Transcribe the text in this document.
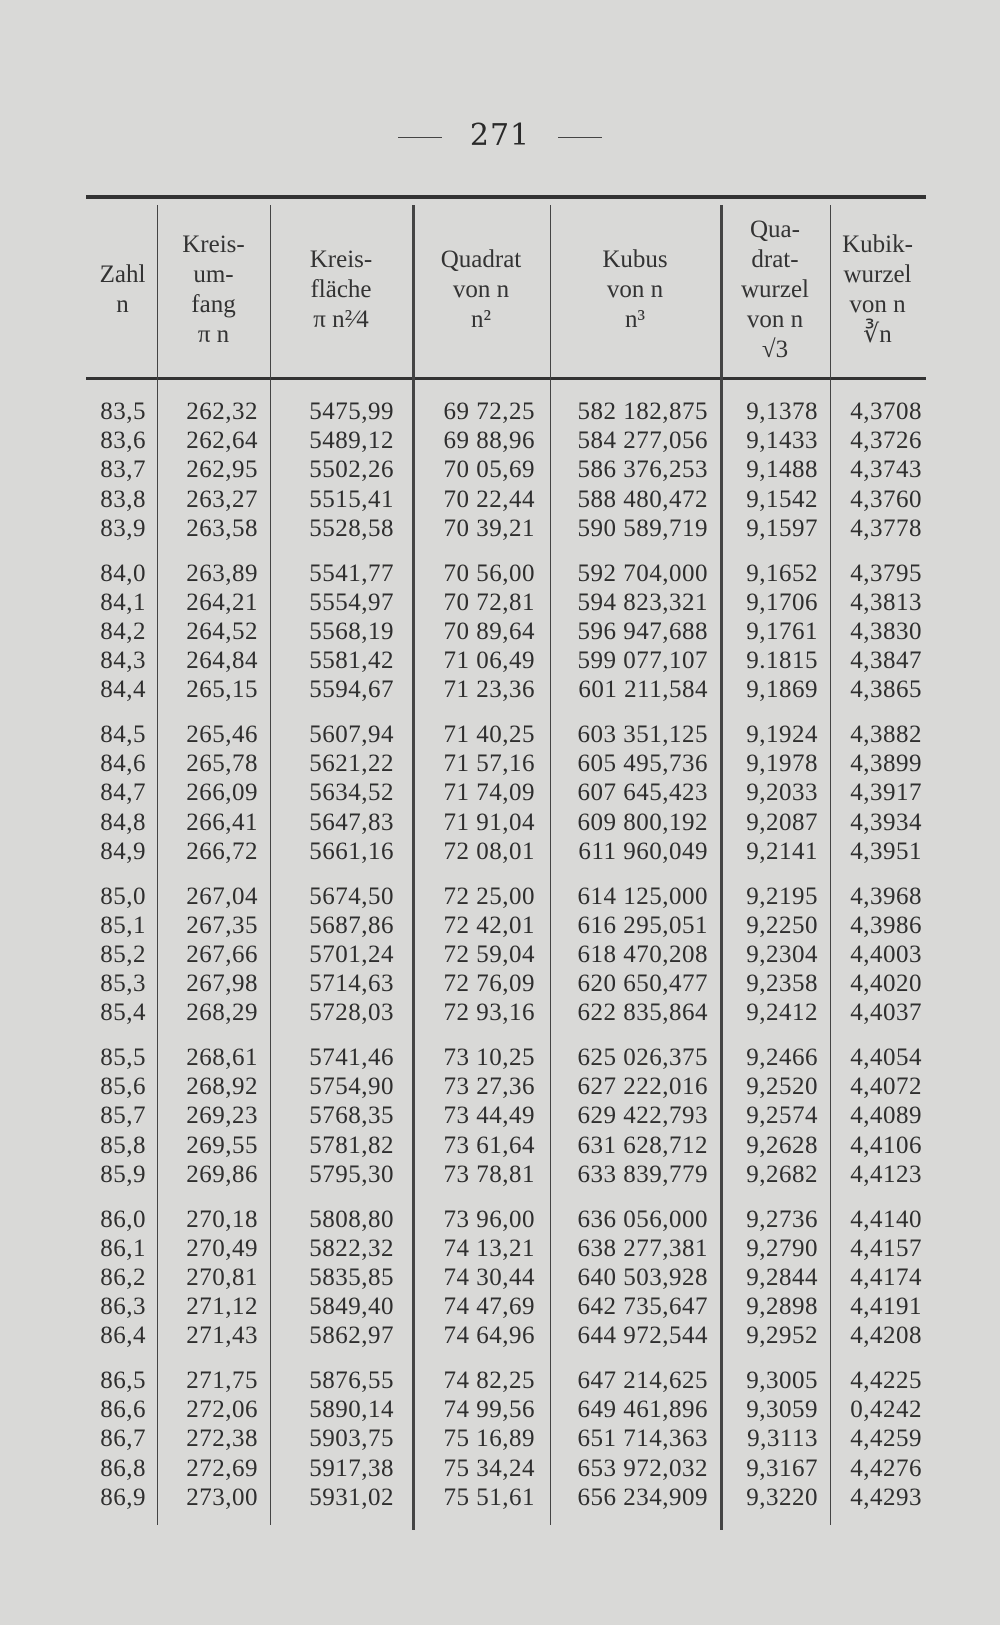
271
Zahl
n
Kreis-
um-
fang
π n
Kreis-
fläche
π n²⁄4
Quadrat
von n
n²
Kubus
von n
n³
Qua-
drat-
wurzel
von n
√3
Kubik-
wurzel
von n
∛n
83,5 262,32 5475,99 69 72,25 582 182,875 9,1378 4,3708
83,6 262,64 5489,12 69 88,96 584 277,056 9,1433 4,3726
83,7 262,95 5502,26 70 05,69 586 376,253 9,1488 4,3743
83,8 263,27 5515,41 70 22,44 588 480,472 9,1542 4,3760
83,9 263,58 5528,58 70 39,21 590 589,719 9,1597 4,3778
84,0 263,89 5541,77 70 56,00 592 704,000 9,1652 4,3795
84,1 264,21 5554,97 70 72,81 594 823,321 9,1706 4,3813
84,2 264,52 5568,19 70 89,64 596 947,688 9,1761 4,3830
84,3 264,84 5581,42 71 06,49 599 077,107 9.1815 4,3847
84,4 265,15 5594,67 71 23,36 601 211,584 9,1869 4,3865
84,5 265,46 5607,94 71 40,25 603 351,125 9,1924 4,3882
84,6 265,78 5621,22 71 57,16 605 495,736 9,1978 4,3899
84,7 266,09 5634,52 71 74,09 607 645,423 9,2033 4,3917
84,8 266,41 5647,83 71 91,04 609 800,192 9,2087 4,3934
84,9 266,72 5661,16 72 08,01 611 960,049 9,2141 4,3951
85,0 267,04 5674,50 72 25,00 614 125,000 9,2195 4,3968
85,1 267,35 5687,86 72 42,01 616 295,051 9,2250 4,3986
85,2 267,66 5701,24 72 59,04 618 470,208 9,2304 4,4003
85,3 267,98 5714,63 72 76,09 620 650,477 9,2358 4,4020
85,4 268,29 5728,03 72 93,16 622 835,864 9,2412 4,4037
85,5 268,61 5741,46 73 10,25 625 026,375 9,2466 4,4054
85,6 268,92 5754,90 73 27,36 627 222,016 9,2520 4,4072
85,7 269,23 5768,35 73 44,49 629 422,793 9,2574 4,4089
85,8 269,55 5781,82 73 61,64 631 628,712 9,2628 4,4106
85,9 269,86 5795,30 73 78,81 633 839,779 9,2682 4,4123
86,0 270,18 5808,80 73 96,00 636 056,000 9,2736 4,4140
86,1 270,49 5822,32 74 13,21 638 277,381 9,2790 4,4157
86,2 270,81 5835,85 74 30,44 640 503,928 9,2844 4,4174
86,3 271,12 5849,40 74 47,69 642 735,647 9,2898 4,4191
86,4 271,43 5862,97 74 64,96 644 972,544 9,2952 4,4208
86,5 271,75 5876,55 74 82,25 647 214,625 9,3005 4,4225
86,6 272,06 5890,14 74 99,56 649 461,896 9,3059 0,4242
86,7 272,38 5903,75 75 16,89 651 714,363 9,3113 4,4259
86,8 272,69 5917,38 75 34,24 653 972,032 9,3167 4,4276
86,9 273,00 5931,02 75 51,61 656 234,909 9,3220 4,4293
